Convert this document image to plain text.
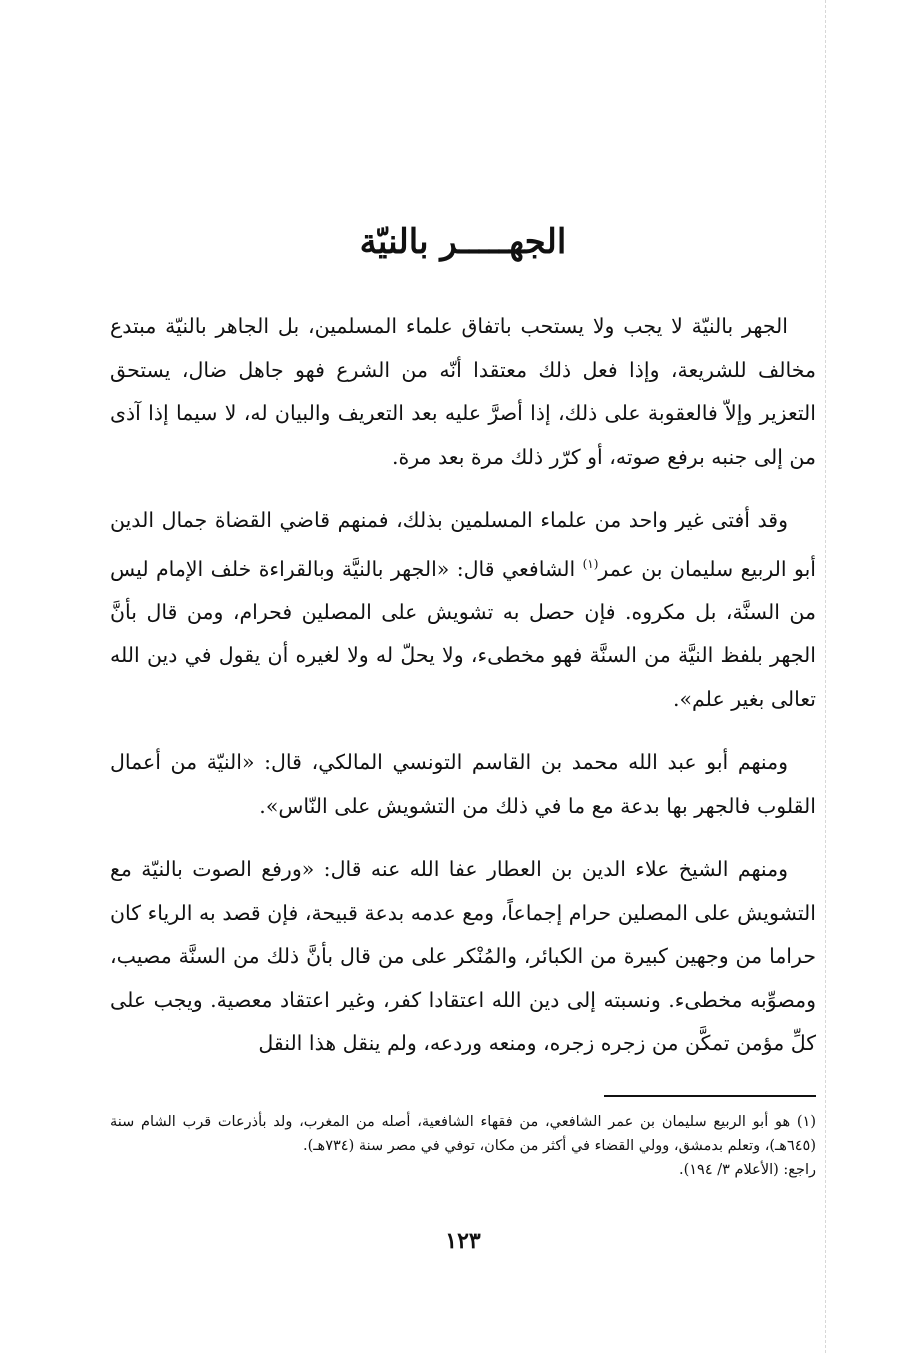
الجهـــــر بالنيّة

الجهر بالنيّة لا يجب ولا يستحب باتفاق علماء المسلمين، بل الجاهر بالنيّة مبتدع مخالف للشريعة، وإذا فعل ذلك معتقدا أنّه من الشرع فهو جاهل ضال، يستحق التعزير وإلاّ فالعقوبة على ذلك، إذا أصرَّ عليه بعد التعريف والبيان له، لا سيما إذا آذى من إلى جنبه برفع صوته، أو كرّر ذلك مرة بعد مرة.

وقد أفتى غير واحد من علماء المسلمين بذلك، فمنهم قاضي القضاة جمال الدين أبو الربيع سليمان بن عمر$^{(١)}$ الشافعي قال: «الجهر بالنيَّة وبالقراءة خلف الإمام ليس من السنَّة، بل مكروه. فإن حصل به تشويش على المصلين فحرام، ومن قال بأنَّ الجهر بلفظ النيَّة من السنَّة فهو مخطىء، ولا يحلّ له ولا لغيره أن يقول في دين الله تعالى بغير علم».

ومنهم أبو عبد الله محمد بن القاسم التونسي المالكي، قال: «النيّة من أعمال القلوب فالجهر بها بدعة مع ما في ذلك من التشويش على النّاس».

ومنهم الشيخ علاء الدين بن العطار عفا الله عنه قال: «ورفع الصوت بالنيّة مع التشويش على المصلين حرام إجماعاً، ومع عدمه بدعة قبيحة، فإن قصد به الرياء كان حراما من وجهين كبيرة من الكبائر، والمُنْكر على من قال بأنَّ ذلك من السنَّة مصيب، ومصوِّبه مخطىء. ونسبته إلى دين الله اعتقادا كفر، وغير اعتقاد معصية. ويجب على كلِّ مؤمن تمكَّن من زجره زجره، ومنعه وردعه، ولم ينقل هذا النقل

(١) هو أبو الربيع سليمان بن عمر الشافعي، من فقهاء الشافعية، أصله من المغرب، ولد بأذرعات قرب الشام سنة (٦٤٥هـ)، وتعلم بدمشق، وولي القضاء في أكثر من مكان، توفي في مصر سنة (٧٣٤هـ).

راجع: (الأعلام ٣/ ١٩٤).

١٢٣
